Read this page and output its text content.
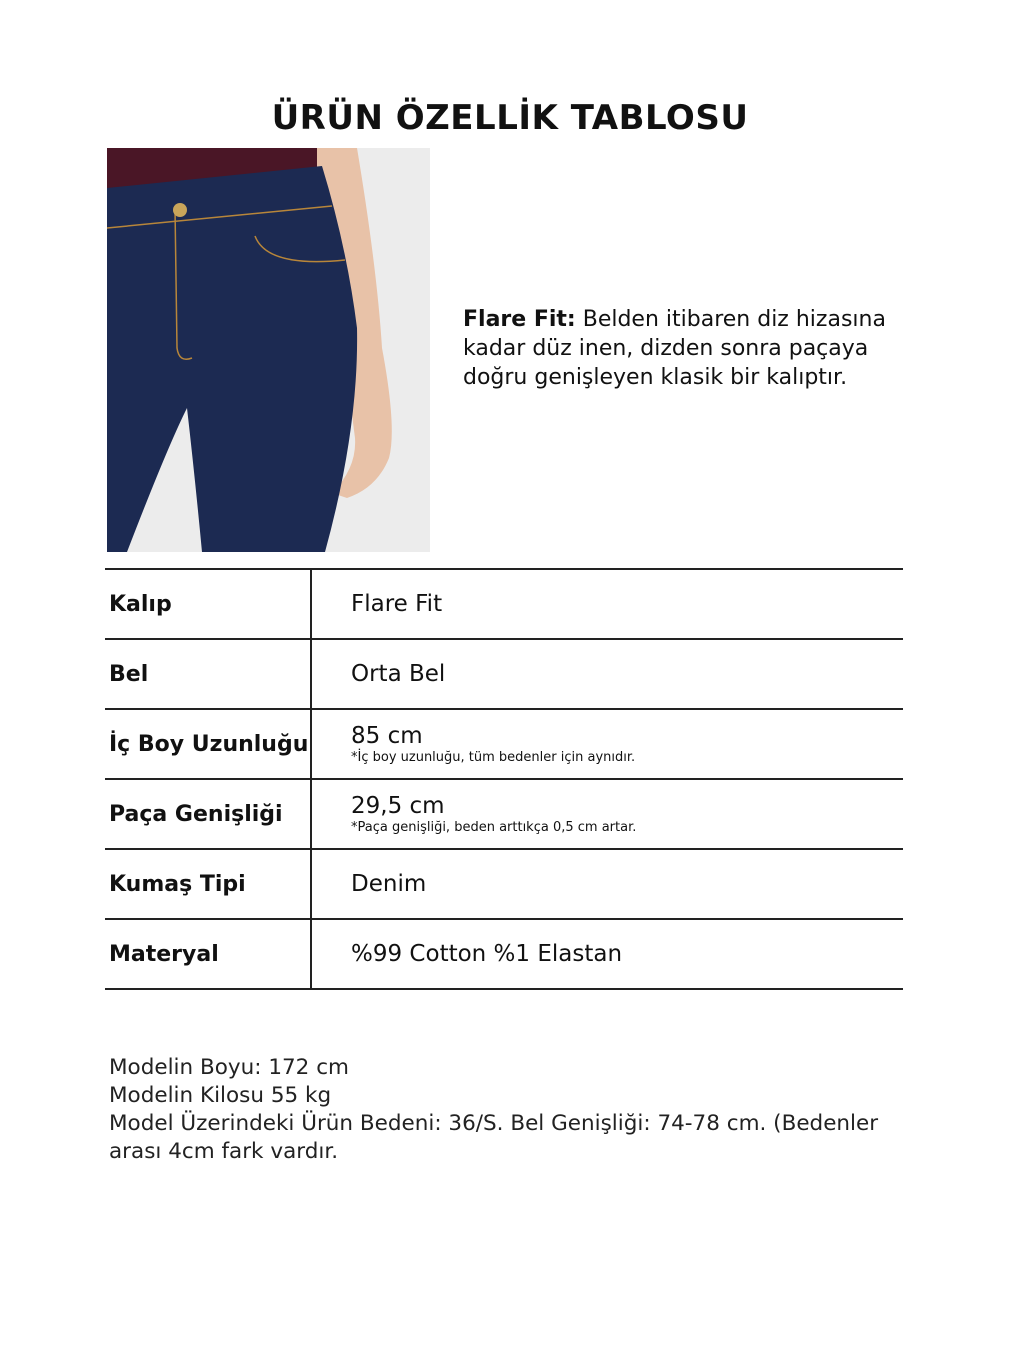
ÜRÜN ÖZELLİK TABLOSU
Flare Fit: Belden itibaren diz hizasına kadar düz inen, dizden sonra paçaya doğru genişleyen klasik bir kalıptır.
Kalıp	Flare Fit
Bel	Orta Bel
İç Boy Uzunluğu	85 cm
*İç boy uzunluğu, tüm bedenler için aynıdır.

Paça Genişliği	29,5 cm
*Paça genişliği, beden arttıkça 0,5 cm artar.

Kumaş Tipi	Denim
Materyal	%99 Cotton %1 Elastan
Modelin Boyu: 172 cm
Modelin Kilosu 55 kg
Model Üzerindeki Ürün Bedeni: 36/S. Bel Genişliği: 74-78 cm. (Bedenler arası 4cm fark vardır.
